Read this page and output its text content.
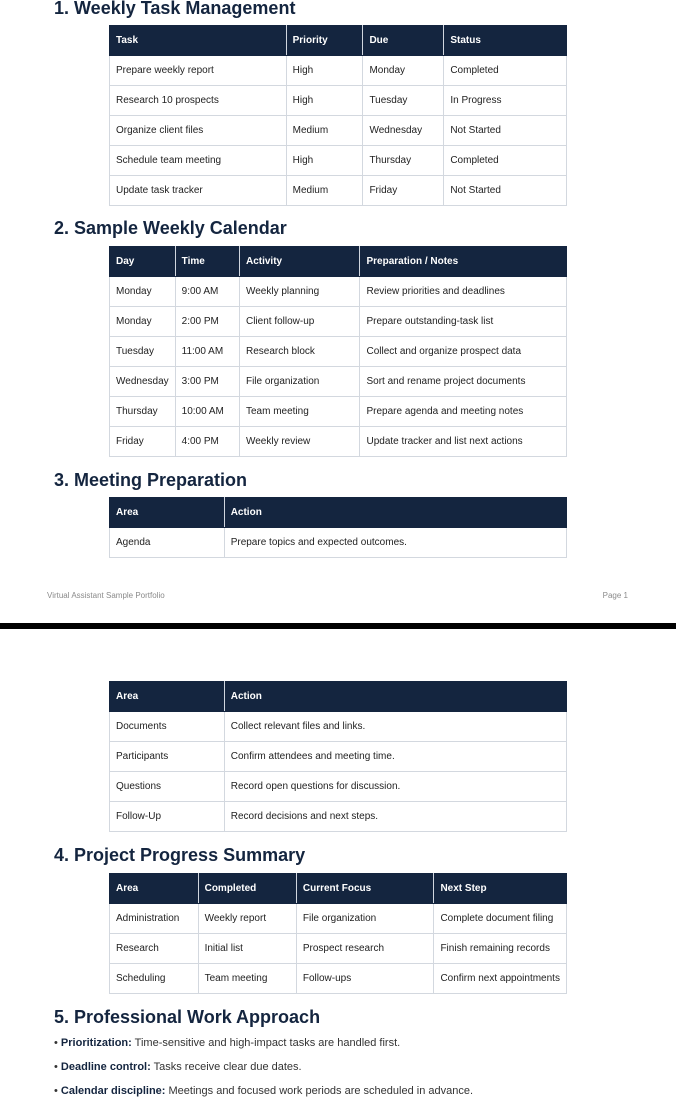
1. Weekly Task Management
Task	Priority	Due	Status
Prepare weekly report	High	Monday	Completed
Research 10 prospects	High	Tuesday	In Progress
Organize client files	Medium	Wednesday	Not Started
Schedule team meeting	High	Thursday	Completed
Update task tracker	Medium	Friday	Not Started
2. Sample Weekly Calendar
Day	Time	Activity	Preparation / Notes
Monday	9:00 AM	Weekly planning	Review priorities and deadlines
Monday	2:00 PM	Client follow-up	Prepare outstanding-task list
Tuesday	11:00 AM	Research block	Collect and organize prospect data
Wednesday	3:00 PM	File organization	Sort and rename project documents
Thursday	10:00 AM	Team meeting	Prepare agenda and meeting notes
Friday	4:00 PM	Weekly review	Update tracker and list next actions
3. Meeting Preparation
Area	Action
Agenda	Prepare topics and expected outcomes.
Virtual Assistant Sample Portfolio	Page 1
Area	Action
Documents	Collect relevant files and links.
Participants	Confirm attendees and meeting time.
Questions	Record open questions for discussion.
Follow-Up	Record decisions and next steps.
4. Project Progress Summary
Area	Completed	Current Focus	Next Step
Administration	Weekly report	File organization	Complete document filing
Research	Initial list	Prospect research	Finish remaining records
Scheduling	Team meeting	Follow-ups	Confirm next appointments
5. Professional Work Approach
• Prioritization: Time-sensitive and high-impact tasks are handled first.
• Deadline control: Tasks receive clear due dates.
• Calendar discipline: Meetings and focused work periods are scheduled in advance.
